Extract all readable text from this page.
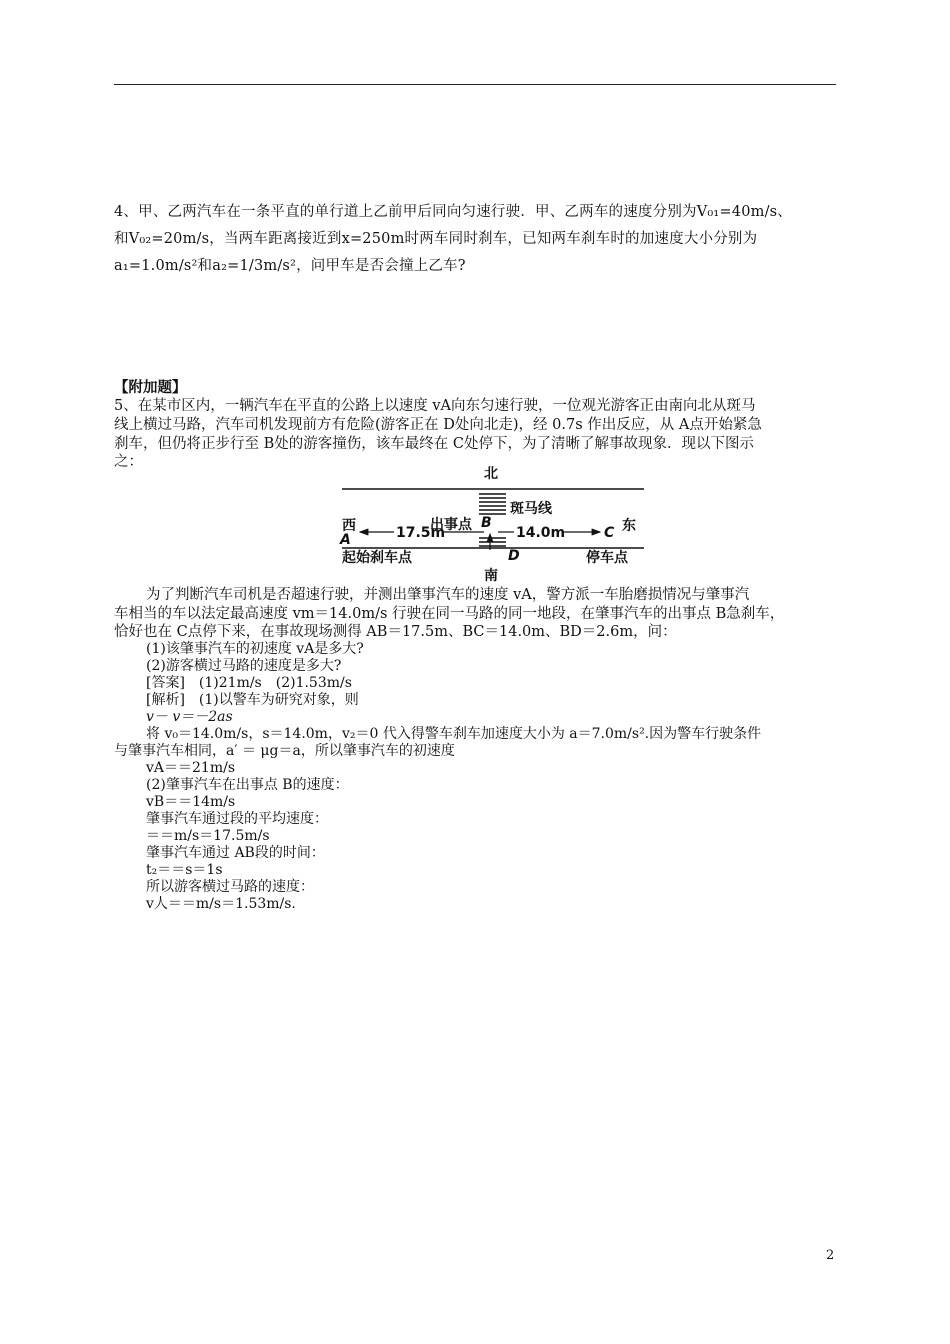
4、甲、乙两汽车在一条平直的单行道上乙前甲后同向匀速行驶．甲、乙两车的速度分别为V₀₁=40m/s、
和V₀₂=20m/s，当两车距离接近到x=250m时两车同时刹车，已知两车刹车时的加速度大小分别为
a₁=1.0m/s²和a₂=1/3m/s²，问甲车是否会撞上乙车?
【附加题】
5、在某市区内，一辆汽车在平直的公路上以速度 vA向东匀速行驶，一位观光游客正由南向北从斑马
线上横过马路，汽车司机发现前方有危险(游客正在 D处向北走)，经 0.7s 作出反应，从 A点开始紧急
刹车，但仍将正步行至 B处的游客撞伤，该车最终在 C处停下，为了清晰了解事故现象．现以下图示
之：
北
斑马线
西	东
出事点
17.5m
B
14.0m	C
A
D
起始刹车点	停车点
南
为了判断汽车司机是否超速行驶，并测出肇事汽车的速度 vA，警方派一车胎磨损情况与肇事汽
车相当的车以法定最高速度 vm＝14.0m/s 行驶在同一马路的同一地段，在肇事汽车的出事点 B急刹车，
恰好也在 C点停下来，在事故现场测得 AB＝17.5m、BC＝14.0m、BD＝2.6m，问：
(1)该肇事汽车的初速度 vA是多大?
(2)游客横过马路的速度是多大?
[答案]　(1)21m/s　(2)1.53m/s
[解析]　(1)以警车为研究对象，则
v－ v＝－2as
将 v₀＝14.0m/s，s＝14.0m，v₂＝0 代入得警车刹车加速度大小为 a＝7.0m/s².因为警车行驶条件
与肇事汽车相同，a′ ＝ μg＝a，所以肇事汽车的初速度
vA＝＝21m/s
(2)肇事汽车在出事点 B的速度：
vB＝＝14m/s
肇事汽车通过段的平均速度：
＝＝m/s＝17.5m/s
肇事汽车通过 AB段的时间：
t₂＝＝s＝1s
所以游客横过马路的速度：
v人＝＝m/s＝1.53m/s.
2
